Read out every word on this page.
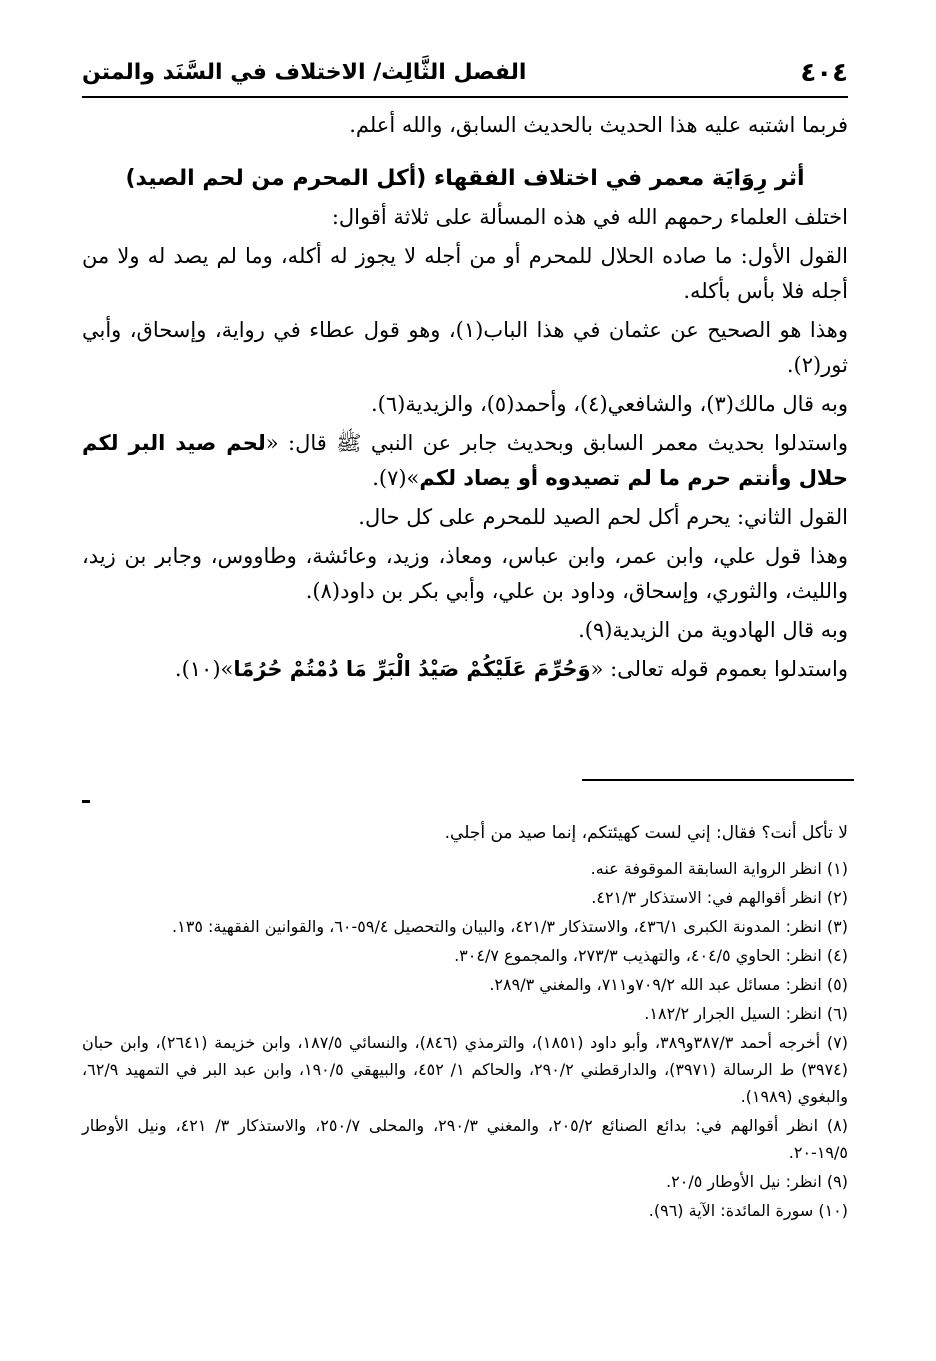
٤٠٤
الفصل الثَّالِث/ الاختلاف في السَّنَد والمتن

فربما اشتبه عليه هذا الحديث بالحديث السابق، والله أعلم.

أثر رِوَايَة معمر في اختلاف الفقهاء (أكل المحرم من لحم الصيد)

اختلف العلماء رحمهم الله في هذه المسألة على ثلاثة أقوال:

القول الأول: ما صاده الحلال للمحرم أو من أجله لا يجوز له أكله، وما لم يصد له ولا من أجله فلا بأس بأكله.

وهذا هو الصحيح عن عثمان في هذا الباب(١)، وهو قول عطاء في رواية، وإسحاق، وأبي ثور(٢).

وبه قال مالك(٣)، والشافعي(٤)، وأحمد(٥)، والزيدية(٦).

واستدلوا بحديث معمر السابق وبحديث جابر عن النبي ﷺ قال: «لحم صيد البر لكم حلال وأنتم حرم ما لم تصيدوه أو يصاد لكم»(٧).

القول الثاني: يحرم أكل لحم الصيد للمحرم على كل حال.

وهذا قول علي، وابن عمر، وابن عباس، ومعاذ، وزيد، وعائشة، وطاووس، وجابر بن زيد، والليث، والثوري، وإسحاق، وداود بن علي، وأبي بكر بن داود(٨).

وبه قال الهادوية من الزيدية(٩).

واستدلوا بعموم قوله تعالى: «وَحُرِّمَ عَلَيْكُمْ صَيْدُ الْبَرِّ مَا دُمْتُمْ حُرُمًا»(١٠).

لا تأكل أنت؟ فقال: إني لست كهيئتكم، إنما صيد من أجلي.

(١) انظر الرواية السابقة الموقوفة عنه.

(٢) انظر أقوالهم في: الاستذكار ٤٢١/٣.

(٣) انظر: المدونة الكبرى ٤٣٦/١، والاستذكار ٤٢١/٣، والبيان والتحصيل ٥٩/٤-٦٠، والقوانين الفقهية: ١٣٥.

(٤) انظر: الحاوي ٤٠٤/٥، والتهذيب ٢٧٣/٣، والمجموع ٣٠٤/٧.

(٥) انظر: مسائل عبد الله ٧٠٩/٢و٧١١، والمغني ٢٨٩/٣.

(٦) انظر: السيل الجرار ١٨٢/٢.

(٧) أخرجه أحمد ٣٨٧/٣و٣٨٩، وأبو داود (١٨٥١)، والترمذي (٨٤٦)، والنسائي ١٨٧/٥، وابن خزيمة (٢٦٤١)، وابن حبان (٣٩٧٤) ط الرسالة (٣٩٧١)، والدارقطني ٢٩٠/٢، والحاكم ١/ ٤٥٢، والبيهقي ١٩٠/٥، وابن عبد البر في التمهيد ٦٢/٩، والبغوي (١٩٨٩).

(٨) انظر أقوالهم في: بدائع الصنائع ٢٠٥/٢، والمغني ٢٩٠/٣، والمحلى ٢٥٠/٧، والاستذكار ٣/ ٤٢١، ونيل الأوطار ١٩/٥-٢٠.

(٩) انظر: نيل الأوطار ٢٠/٥.

(١٠) سورة المائدة: الآية (٩٦).
